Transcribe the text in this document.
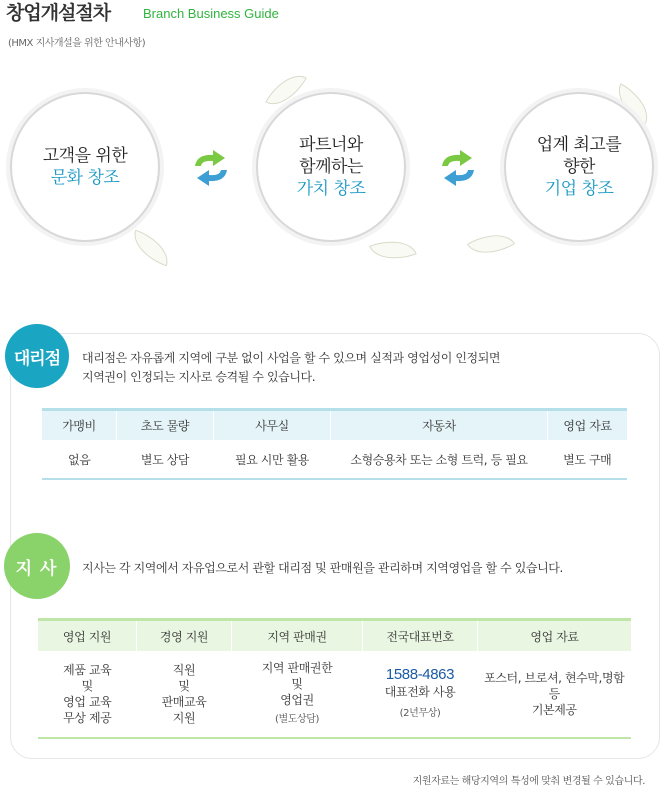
창업개설절차	Branch Business Guide
(HMX 지사개설을 위한 안내사항)
고객을 위한
문화 창조
파트너와
함께하는
가치 창조
업계 최고를
향한
기업 창조
대리점	대리점은 자유롭게 지역에 구분 없이 사업을 할 수 있으며 실적과 영업성이 인정되면
지역권이 인정되는 지사로 승격될 수 있습니다.
가맹비	초도 물량	사무실	자동차	영업 자료
없음	별도 상담	필요 시만 활용	소형승용차 또는 소형 트럭, 등 필요	별도 구매
지사	지사는 각 지역에서 자유업으로서 관할 대리점 및 판매원을 관리하며 지역영업을 할 수 있습니다.
영업 지원	경영 지원	지역 판매권	전국대표번호	영업 자료

제품 교육
및
영업 교육
무상 제공	직원
및
판매교육
지원	지역 판매권한
및
영업권
(별도상담)	1588-4863
대표전화 사용
(2년무상)	포스터, 브로셔, 현수막,명함
등
기본제공
지원자료는 해당지역의 특성에 맞춰 변경될 수 있습니다.
